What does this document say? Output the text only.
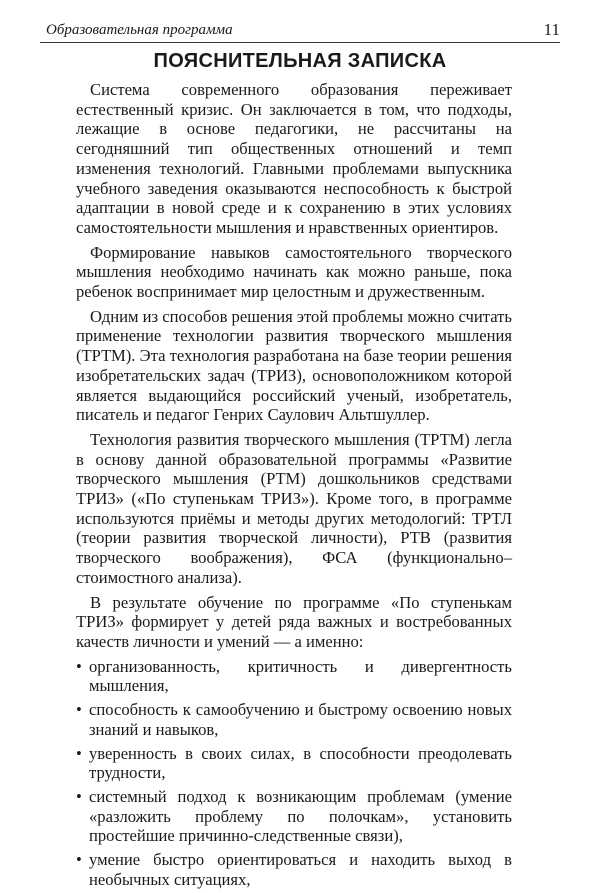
Образовательная программа	11
ПОЯСНИТЕЛЬНАЯ ЗАПИСКА

Система современного образования переживает естественный кризис. Он заключается в том, что подходы, лежащие в основе педагогики, не рассчитаны на сегодняшний тип общественных отношений и темп изменения технологий. Главными проблемами выпускника учебного заведения оказываются неспособность к быстрой адаптации в новой среде и к сохранению в этих условиях самостоятельности мышления и нравственных ориентиров.

Формирование навыков самостоятельного творческого мышления необходимо начинать как можно раньше, пока ребенок воспринимает мир целостным и дружественным.

Одним из способов решения этой проблемы можно считать применение технологии развития творческого мышления (ТРТМ). Эта технология разработана на базе теории решения изобретательских задач (ТРИЗ), основоположником которой является выдающийся российский ученый, изобретатель, писатель и педагог Генрих Саулович Альтшуллер.

Технология развития творческого мышления (ТРТМ) легла в основу данной образовательной программы «Развитие творческого мышления (РТМ) дошкольников средствами ТРИЗ» («По ступенькам ТРИЗ»). Кроме того, в программе используются приёмы и методы других методологий: ТРТЛ (теории развития творческой личности), РТВ (развития творческого воображения), ФСА (функционально–стоимостного анализа).

В результате обучение по программе «По ступенькам ТРИЗ» формирует у детей ряда важных и востребованных качеств личности и умений — а именно:

• организованность, критичность и дивергентность мышления,
• способность к самообучению и быстрому освоению новых знаний и навыков,
• уверенность в своих силах, в способности преодолевать трудности,
• системный подход к возникающим проблемам (умение «разложить проблему по полочкам», установить простейшие причинно-следственные связи),
• умение быстро ориентироваться и находить выход в необычных ситуациях,
